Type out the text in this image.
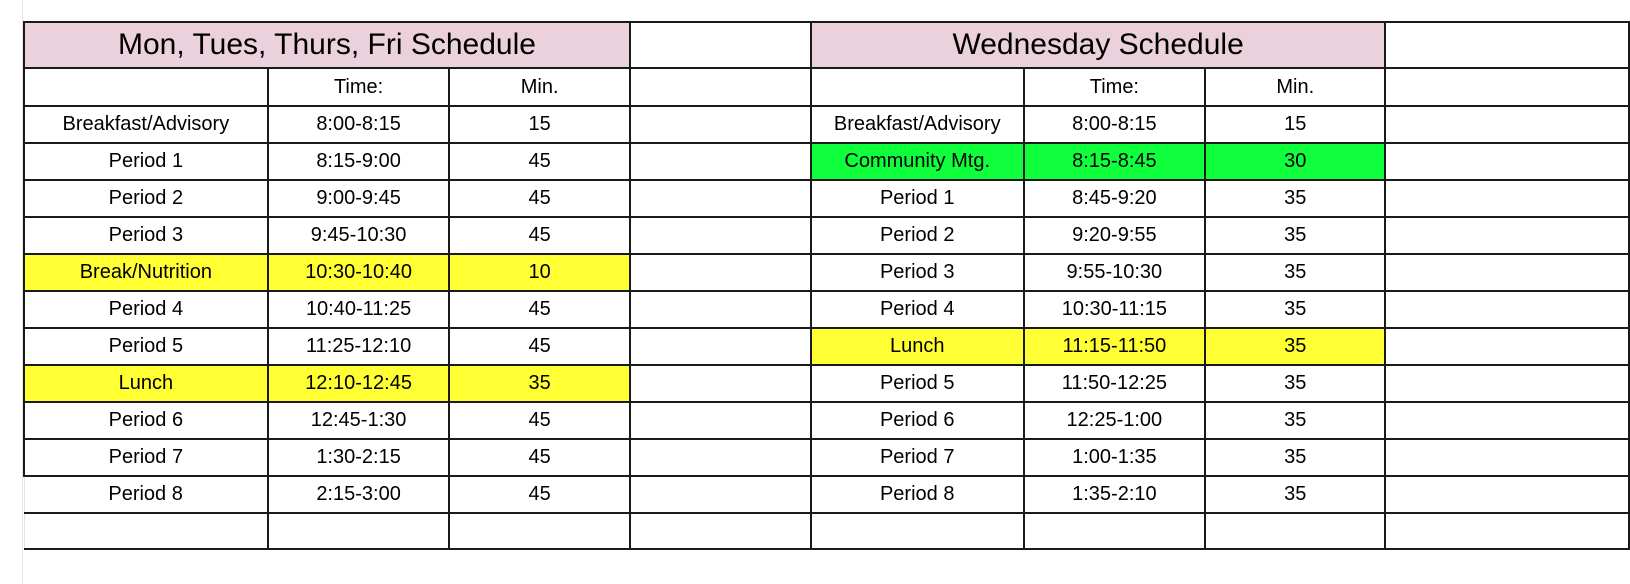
Mon, Tues, Thurs, Fri Schedule				Wednesday Schedule			
	Time:	Min.			Time:	Min.	
Breakfast/Advisory	8:00-8:15	15		Breakfast/Advisory	8:00-8:15	15	
Period 1	8:15-9:00	45		Community Mtg.	8:15-8:45	30	
Period 2	9:00-9:45	45		Period 1	8:45-9:20	35	
Period 3	9:45-10:30	45		Period 2	9:20-9:55	35	
Break/Nutrition	10:30-10:40	10		Period 3	9:55-10:30	35	
Period 4	10:40-11:25	45		Period 4	10:30-11:15	35	
Period 5	11:25-12:10	45		Lunch	11:15-11:50	35	
Lunch	12:10-12:45	35		Period 5	11:50-12:25	35	
Period 6	12:45-1:30	45		Period 6	12:25-1:00	35	
Period 7	1:30-2:15	45		Period 7	1:00-1:35	35	
Period 8	2:15-3:00	45		Period 8	1:35-2:10	35	
